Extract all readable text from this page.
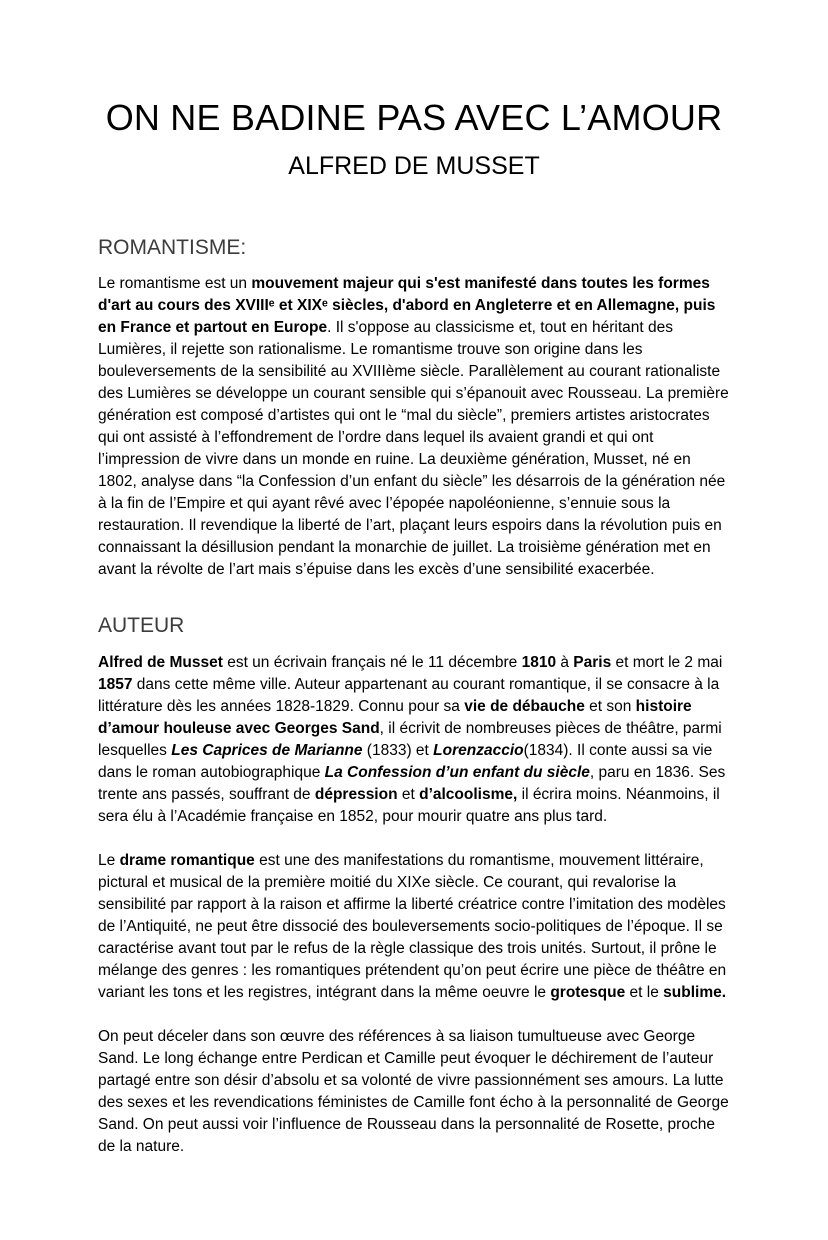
ON NE BADINE PAS AVEC L’AMOUR
ALFRED DE MUSSET
ROMANTISME:

Le romantisme est un mouvement majeur qui s'est manifesté dans toutes les formes d'art au cours des XVIIIᵉ et XIXᵉ siècles, d'abord en Angleterre et en Allemagne, puis en France et partout en Europe. Il s'oppose au classicisme et, tout en héritant des Lumières, il rejette son rationalisme. Le romantisme trouve son origine dans les bouleversements de la sensibilité au XVIIIème siècle. Parallèlement au courant rationaliste des Lumières se développe un courant sensible qui s’épanouit avec Rousseau. La première génération est composé d’artistes qui ont le “mal du siècle”, premiers artistes aristocrates qui ont assisté à l’effondrement de l’ordre dans lequel ils avaient grandi et qui ont l’impression de vivre dans un monde en ruine. La deuxième génération, Musset, né en 1802, analyse dans “la Confession d’un enfant du siècle” les désarrois de la génération née à la fin de l’Empire et qui ayant rêvé avec l’épopée napoléonienne, s’ennuie sous la restauration. Il revendique la liberté de l’art, plaçant leurs espoirs dans la révolution puis en connaissant la désillusion pendant la monarchie de juillet. La troisième génération met en avant la révolte de l’art mais s’épuise dans les excès d’une sensibilité exacerbée.

AUTEUR

Alfred de Musset est un écrivain français né le 11 décembre 1810 à Paris et mort le 2 mai 1857 dans cette même ville. Auteur appartenant au courant romantique, il se consacre à la littérature dès les années 1828-1829. Connu pour sa vie de débauche et son histoire d’amour houleuse avec Georges Sand, il écrivit de nombreuses pièces de théâtre, parmi lesquelles Les Caprices de Marianne (1833) et Lorenzaccio(1834). Il conte aussi sa vie dans le roman autobiographique La Confession d’un enfant du siècle, paru en 1836. Ses trente ans passés, souffrant de dépression et d’alcoolisme, il écrira moins. Néanmoins, il sera élu à l’Académie française en 1852, pour mourir quatre ans plus tard.

Le drame romantique est une des manifestations du romantisme, mouvement littéraire, pictural et musical de la première moitié du XIXe siècle. Ce courant, qui revalorise la sensibilité par rapport à la raison et affirme la liberté créatrice contre l’imitation des modèles de l’Antiquité, ne peut être dissocié des bouleversements socio-politiques de l’époque. Il se caractérise avant tout par le refus de la règle classique des trois unités. Surtout, il prône le mélange des genres : les romantiques prétendent qu’on peut écrire une pièce de théâtre en variant les tons et les registres, intégrant dans la même oeuvre le grotesque et le sublime.

On peut déceler dans son œuvre des références à sa liaison tumultueuse avec George Sand. Le long échange entre Perdican et Camille peut évoquer le déchirement de l’auteur partagé entre son désir d’absolu et sa volonté de vivre passionnément ses amours. La lutte des sexes et les revendications féministes de Camille font écho à la personnalité de George Sand. On peut aussi voir l’influence de Rousseau dans la personnalité de Rosette, proche de la nature.
